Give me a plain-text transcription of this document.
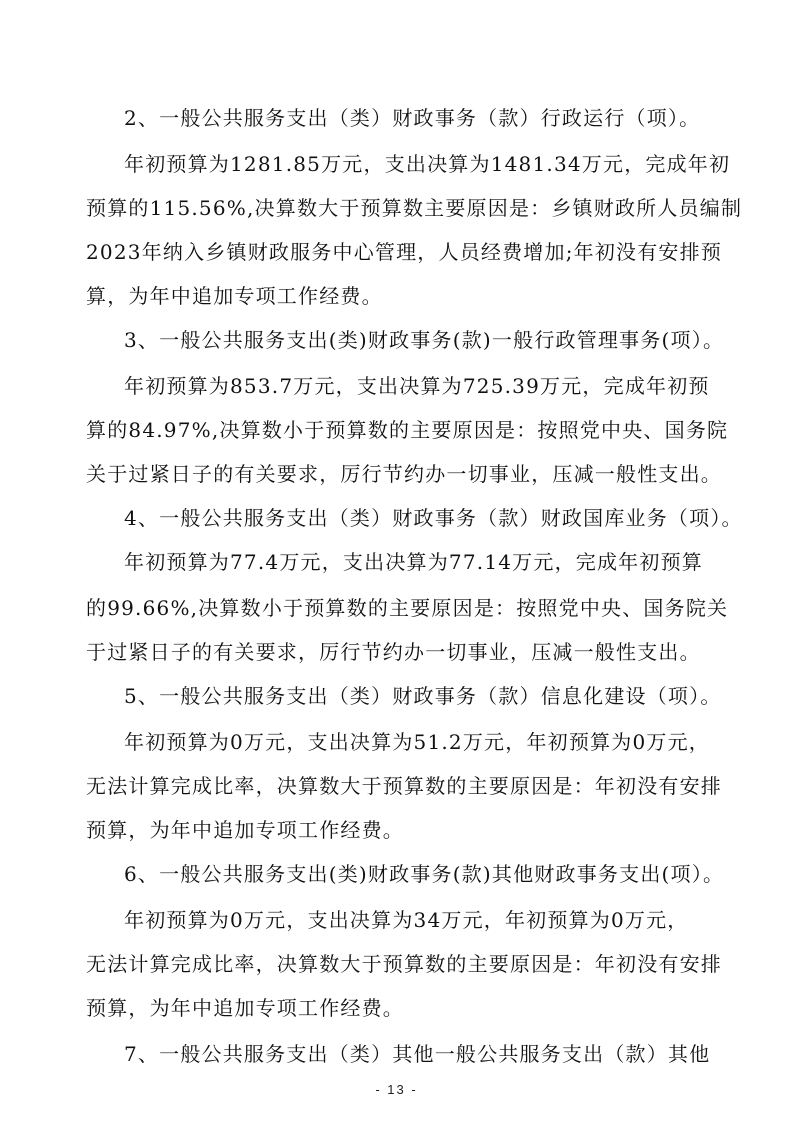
2、一般公共服务支出（类）财政事务（款）行政运行（项）。
年初预算为1281.85万元，支出决算为1481.34万元，完成年初
预算的115.56%,决算数大于预算数主要原因是：乡镇财政所人员编制
2023年纳入乡镇财政服务中心管理，人员经费增加;年初没有安排预
算，为年中追加专项工作经费。
3、一般公共服务支出(类)财政事务(款)一般行政管理事务(项）。
年初预算为853.7万元，支出决算为725.39万元，完成年初预
算的84.97%,决算数小于预算数的主要原因是：按照党中央、国务院
关于过紧日子的有关要求，厉行节约办一切事业，压减一般性支出。
4、一般公共服务支出（类）财政事务（款）财政国库业务（项）。
年初预算为77.4万元，支出决算为77.14万元，完成年初预算
的99.66%,决算数小于预算数的主要原因是：按照党中央、国务院关
于过紧日子的有关要求，厉行节约办一切事业，压减一般性支出。
5、一般公共服务支出（类）财政事务（款）信息化建设（项）。
年初预算为0万元，支出决算为51.2万元，年初预算为0万元，
无法计算完成比率，决算数大于预算数的主要原因是：年初没有安排
预算，为年中追加专项工作经费。
6、一般公共服务支出(类)财政事务(款)其他财政事务支出(项）。
年初预算为0万元，支出决算为34万元，年初预算为0万元，
无法计算完成比率，决算数大于预算数的主要原因是：年初没有安排
预算，为年中追加专项工作经费。
7、一般公共服务支出（类）其他一般公共服务支出（款）其他
- 13 -
